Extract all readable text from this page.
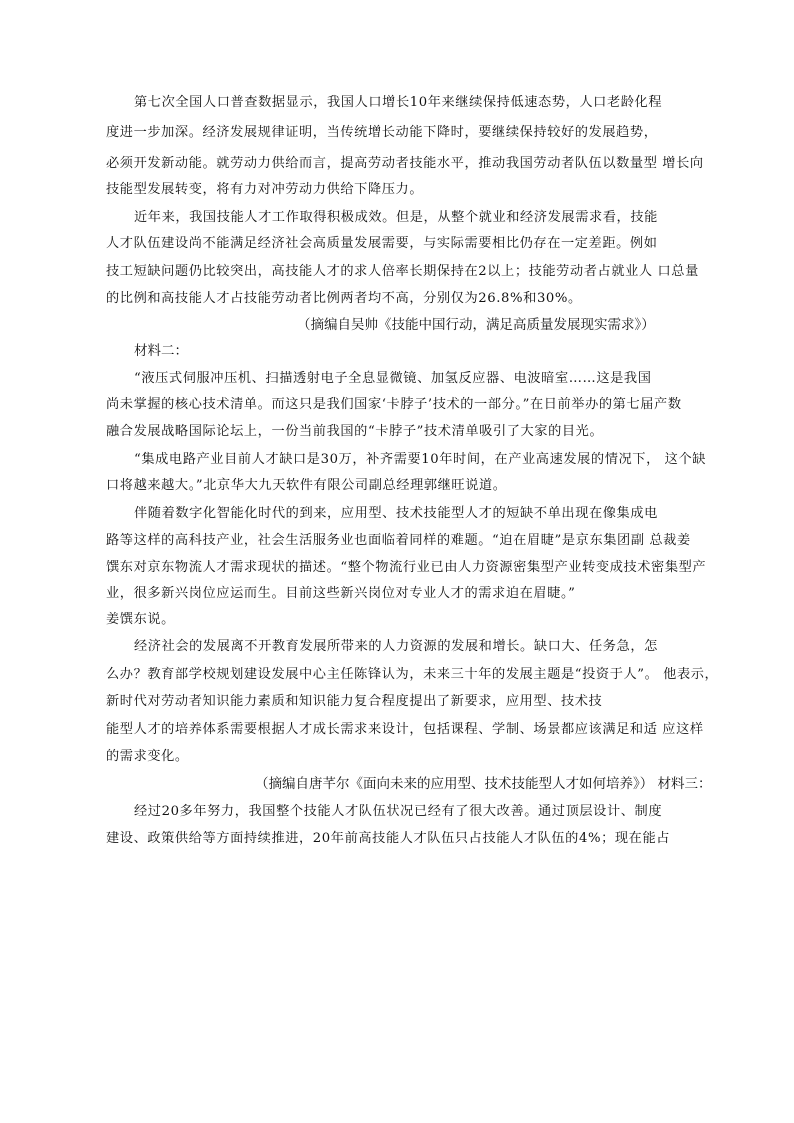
第七次全国人口普查数据显示，我国人口增长10年来继续保持低速态势，人口老龄化程
度进一步加深。经济发展规律证明，当传统增长动能下降时，要继续保持较好的发展趋势，
必须开发新动能。就劳动力供给而言，提高劳动者技能水平，推动我国劳动者队伍以数量型 增长向
技能型发展转变，将有力对冲劳动力供给下降压力。
近年来，我国技能人才工作取得积极成效。但是，从整个就业和经济发展需求看，技能
人才队伍建设尚不能满足经济社会高质量发展需要，与实际需要相比仍存在一定差距。例如
技工短缺问题仍比较突出，高技能人才的求人倍率长期保持在2以上；技能劳动者占就业人 口总量
的比例和高技能人才占技能劳动者比例两者均不高，分别仅为26.8%和30%。
（摘编自吴帅《技能中国行动，满足高质量发展现实需求》）
材料二：
“液压式伺服冲压机、扫描透射电子全息显微镜、加氢反应器、电波暗室……这是我国
尚未掌握的核心技术清单。而这只是我们国家‘卡脖子’技术的一部分。”在日前举办的第七届产数
融合发展战略国际论坛上，一份当前我国的“卡脖子”技术清单吸引了大家的目光。
“集成电路产业目前人才缺口是30万，补齐需要10年时间，在产业高速发展的情况下， 这个缺
口将越来越大。”北京华大九天软件有限公司副总经理郭继旺说道。
伴随着数字化智能化时代的到来，应用型、技术技能型人才的短缺不单出现在像集成电
路等这样的高科技产业，社会生活服务业也面临着同样的难题。“迫在眉睫”是京东集团副 总裁姜
馔东对京东物流人才需求现状的描述。“整个物流行业已由人力资源密集型产业转变成技术密集型产
业，很多新兴岗位应运而生。目前这些新兴岗位对专业人才的需求迫在眉睫。”
姜馔东说。
经济社会的发展离不开教育发展所带来的人力资源的发展和增长。缺口大、任务急，怎
么办？教育部学校规划建设发展中心主任陈锋认为，未来三十年的发展主题是“投资于人”。 他表示，
新时代对劳动者知识能力素质和知识能力复合程度提出了新要求，应用型、技术技
能型人才的培养体系需要根据人才成长需求来设计，包括课程、学制、场景都应该满足和适 应这样
的需求变化。
（摘编自唐芊尔《面向未来的应用型、技术技能型人才如何培养》） 材料三：
经过20多年努力，我国整个技能人才队伍状况已经有了很大改善。通过顶层设计、制度
建设、政策供给等方面持续推进，20年前高技能人才队伍只占技能人才队伍的4%；现在能占
